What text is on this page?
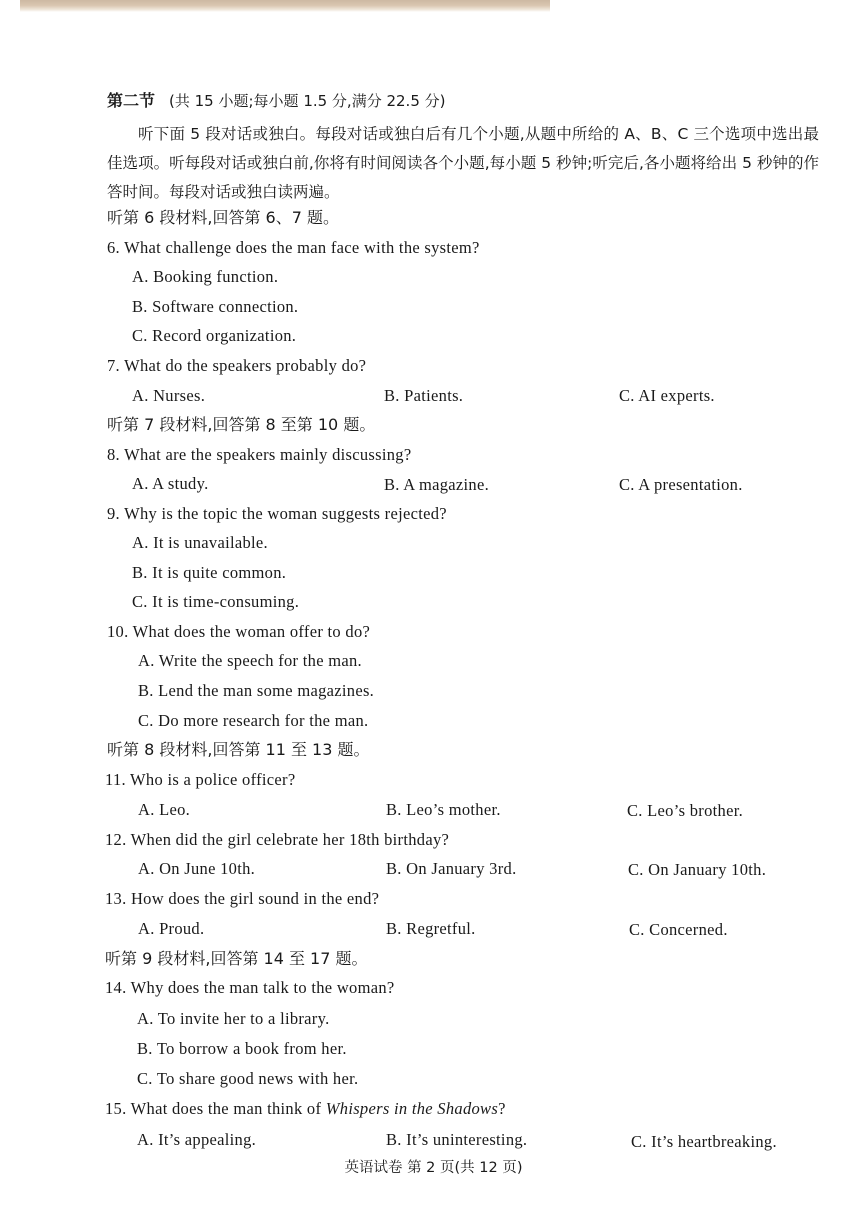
第二节 (共 15 小题;每小题 1.5 分,满分 22.5 分)
听下面 5 段对话或独白。每段对话或独白后有几个小题,从题中所给的 A、B、C 三个选项中选出最佳选项。听每段对话或独白前,你将有时间阅读各个小题,每小题 5 秒钟;听完后,各小题将给出 5 秒钟的作答时间。每段对话或独白读两遍。
听第 6 段材料,回答第 6、7 题。
6. What challenge does the man face with the system?
A. Booking function.
B. Software connection.
C. Record organization.
7. What do the speakers probably do?
A. Nurses.	B. Patients.	C. AI experts.
听第 7 段材料,回答第 8 至第 10 题。
8. What are the speakers mainly discussing?
A. A study.	B. A magazine.	C. A presentation.
9. Why is the topic the woman suggests rejected?
A. It is unavailable.
B. It is quite common.
C. It is time-consuming.
10. What does the woman offer to do?
A. Write the speech for the man.
B. Lend the man some magazines.
C. Do more research for the man.
听第 8 段材料,回答第 11 至 13 题。
11. Who is a police officer?
A. Leo.	B. Leo’s mother.	C. Leo’s brother.
12. When did the girl celebrate her 18th birthday?
A. On June 10th.	B. On January 3rd.	C. On January 10th.
13. How does the girl sound in the end?
A. Proud.	B. Regretful.	C. Concerned.
听第 9 段材料,回答第 14 至 17 题。
14. Why does the man talk to the woman?
A. To invite her to a library.
B. To borrow a book from her.
C. To share good news with her.
15. What does the man think of Whispers in the Shadows?
A. It’s appealing.	B. It’s uninteresting.	C. It’s heartbreaking.
英语试卷 第 2 页(共 12 页)
